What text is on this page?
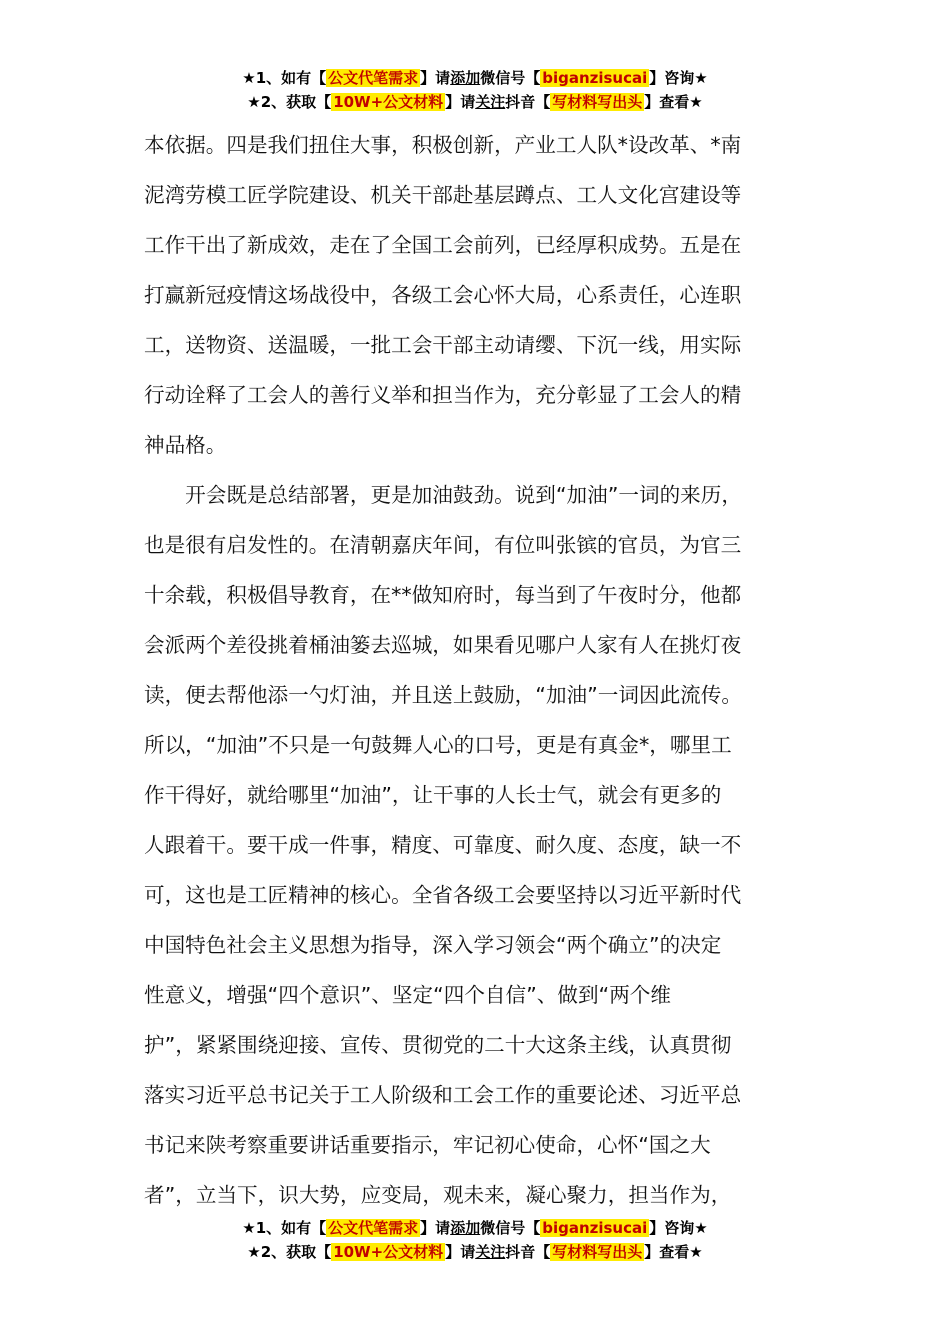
★1、如有【 公文代笔需求 】请添加微信号【 biganzisucai 】咨询★
★2、获取【 10W+公文材料 】请关注抖音【 写材料写出头 】查看★
本依据。四是我们扭住大事，积极创新，产业工人队*设改革、*南
泥湾劳模工匠学院建设、机关干部赴基层蹲点、工人文化宫建设等
工作干出了新成效，走在了全国工会前列，已经厚积成势。五是在
打赢新冠疫情这场战役中，各级工会心怀大局，心系责任，心连职
工，送物资、送温暖，一批工会干部主动请缨、下沉一线，用实际
行动诠释了工会人的善行义举和担当作为，充分彰显了工会人的精
神品格。
　　开会既是总结部署，更是加油鼓劲。说到“加油”一词的来历，
也是很有启发性的。在清朝嘉庆年间，有位叫张镔的官员，为官三
十余载，积极倡导教育，在**做知府时，每当到了午夜时分，他都
会派两个差役挑着桶油篓去巡城，如果看见哪户人家有人在挑灯夜
读，便去帮他添一勺灯油，并且送上鼓励，“加油”一词因此流传。
所以，“加油”不只是一句鼓舞人心的口号，更是有真金*，哪里工
作干得好，就给哪里“加油”，让干事的人长士气，就会有更多的
人跟着干。要干成一件事，精度、可靠度、耐久度、态度，缺一不
可，这也是工匠精神的核心。全省各级工会要坚持以习近平新时代
中国特色社会主义思想为指导，深入学习领会“两个确立”的决定
性意义，增强“四个意识”、坚定“四个自信”、做到“两个维
护”，紧紧围绕迎接、宣传、贯彻党的二十大这条主线，认真贯彻
落实习近平总书记关于工人阶级和工会工作的重要论述、习近平总
书记来陕考察重要讲话重要指示，牢记初心使命，心怀“国之大
者”，立当下，识大势，应变局，观未来，凝心聚力，担当作为，
★1、如有【 公文代笔需求 】请添加微信号【 biganzisucai 】咨询★
★2、获取【 10W+公文材料 】请关注抖音【 写材料写出头 】查看★
